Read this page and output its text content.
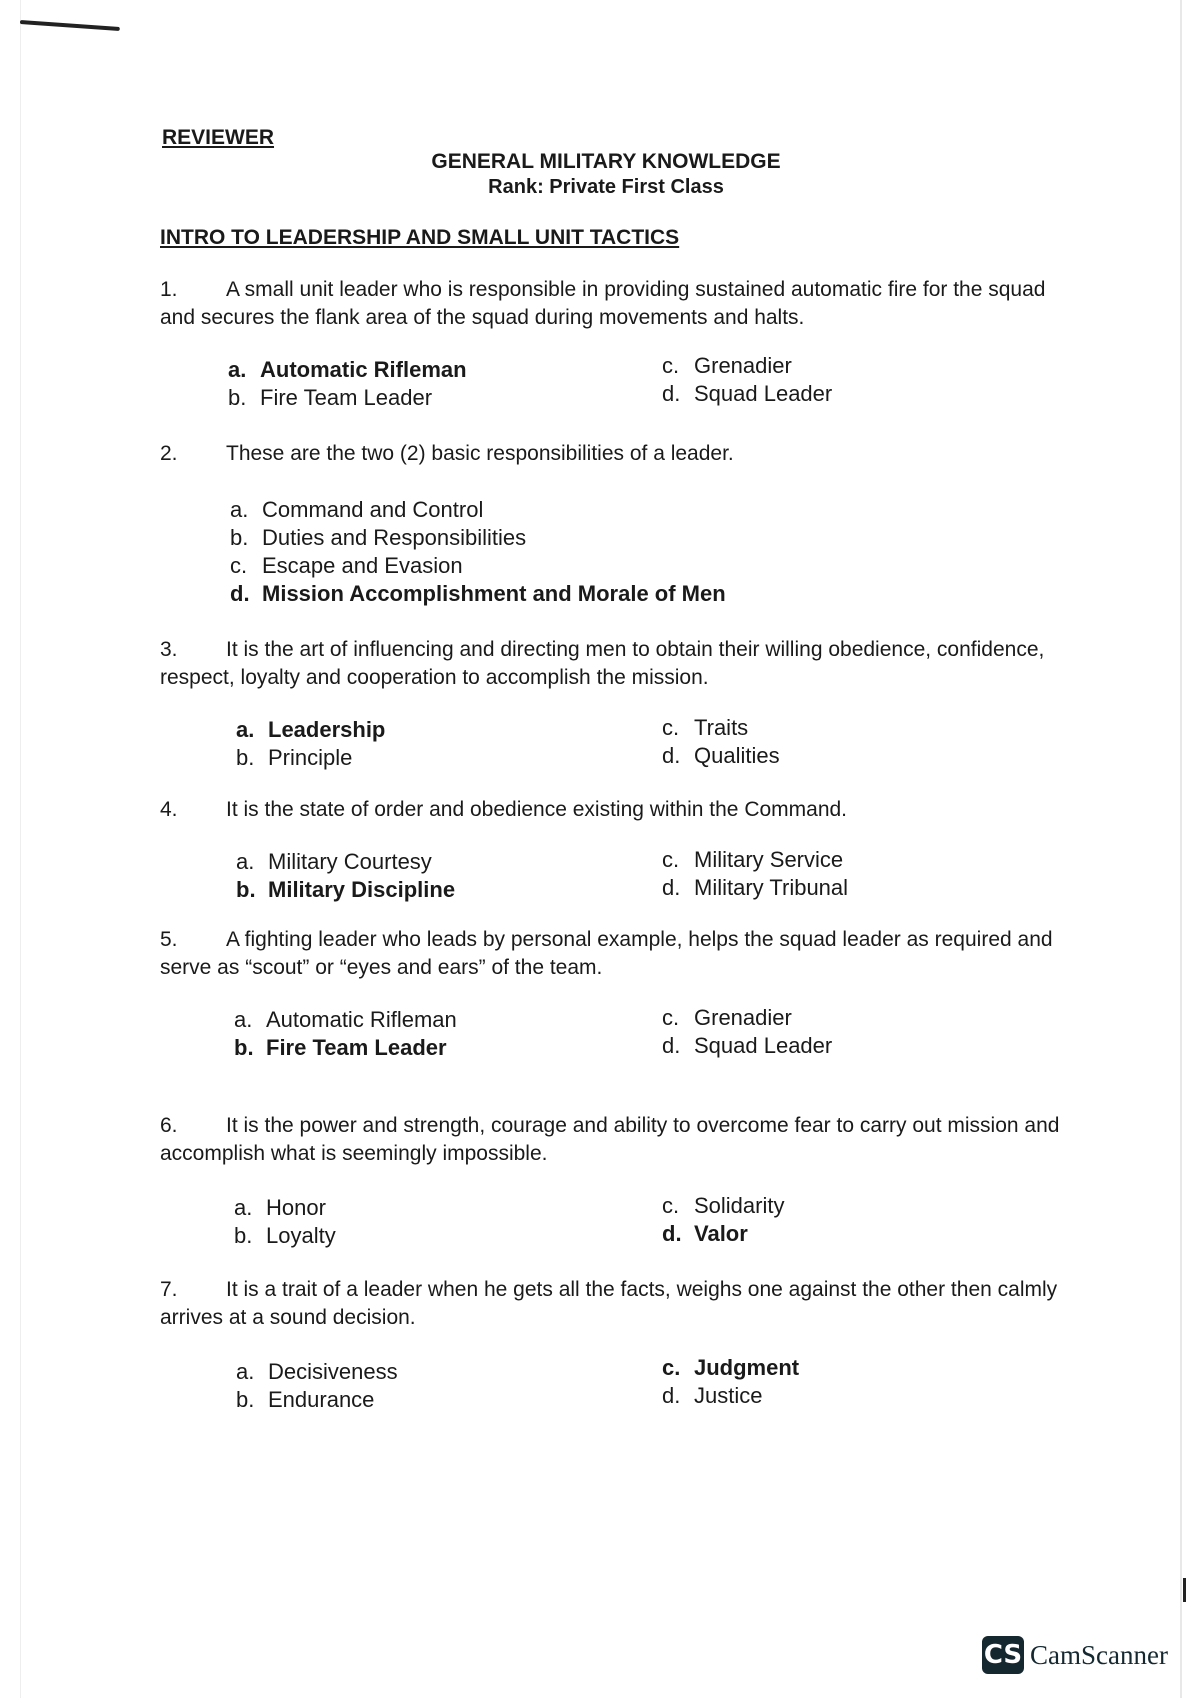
REVIEWER
GENERAL MILITARY KNOWLEDGE
Rank: Private First Class
INTRO TO LEADERSHIP AND SMALL UNIT TACTICS
1. A small unit leader who is responsible in providing sustained automatic fire for the squad and secures the flank area of the squad during movements and halts.
a. Automatic Rifleman
b. Fire Team Leader
c. Grenadier
d. Squad Leader
2. These are the two (2) basic responsibilities of a leader.
a. Command and Control
b. Duties and Responsibilities
c. Escape and Evasion
d. Mission Accomplishment and Morale of Men
3. It is the art of influencing and directing men to obtain their willing obedience, confidence, respect, loyalty and cooperation to accomplish the mission.
a. Leadership
b. Principle
c. Traits
d. Qualities
4. It is the state of order and obedience existing within the Command.
a. Military Courtesy
b. Military Discipline
c. Military Service
d. Military Tribunal
5. A fighting leader who leads by personal example, helps the squad leader as required and serve as “scout” or “eyes and ears” of the team.
a. Automatic Rifleman
b. Fire Team Leader
c. Grenadier
d. Squad Leader
6. It is the power and strength, courage and ability to overcome fear to carry out mission and accomplish what is seemingly impossible.
a. Honor
b. Loyalty
c. Solidarity
d. Valor
7. It is a trait of a leader when he gets all the facts, weighs one against the other then calmly arrives at a sound decision.
a. Decisiveness
b. Endurance
c. Judgment
d. Justice
CS CamScanner
